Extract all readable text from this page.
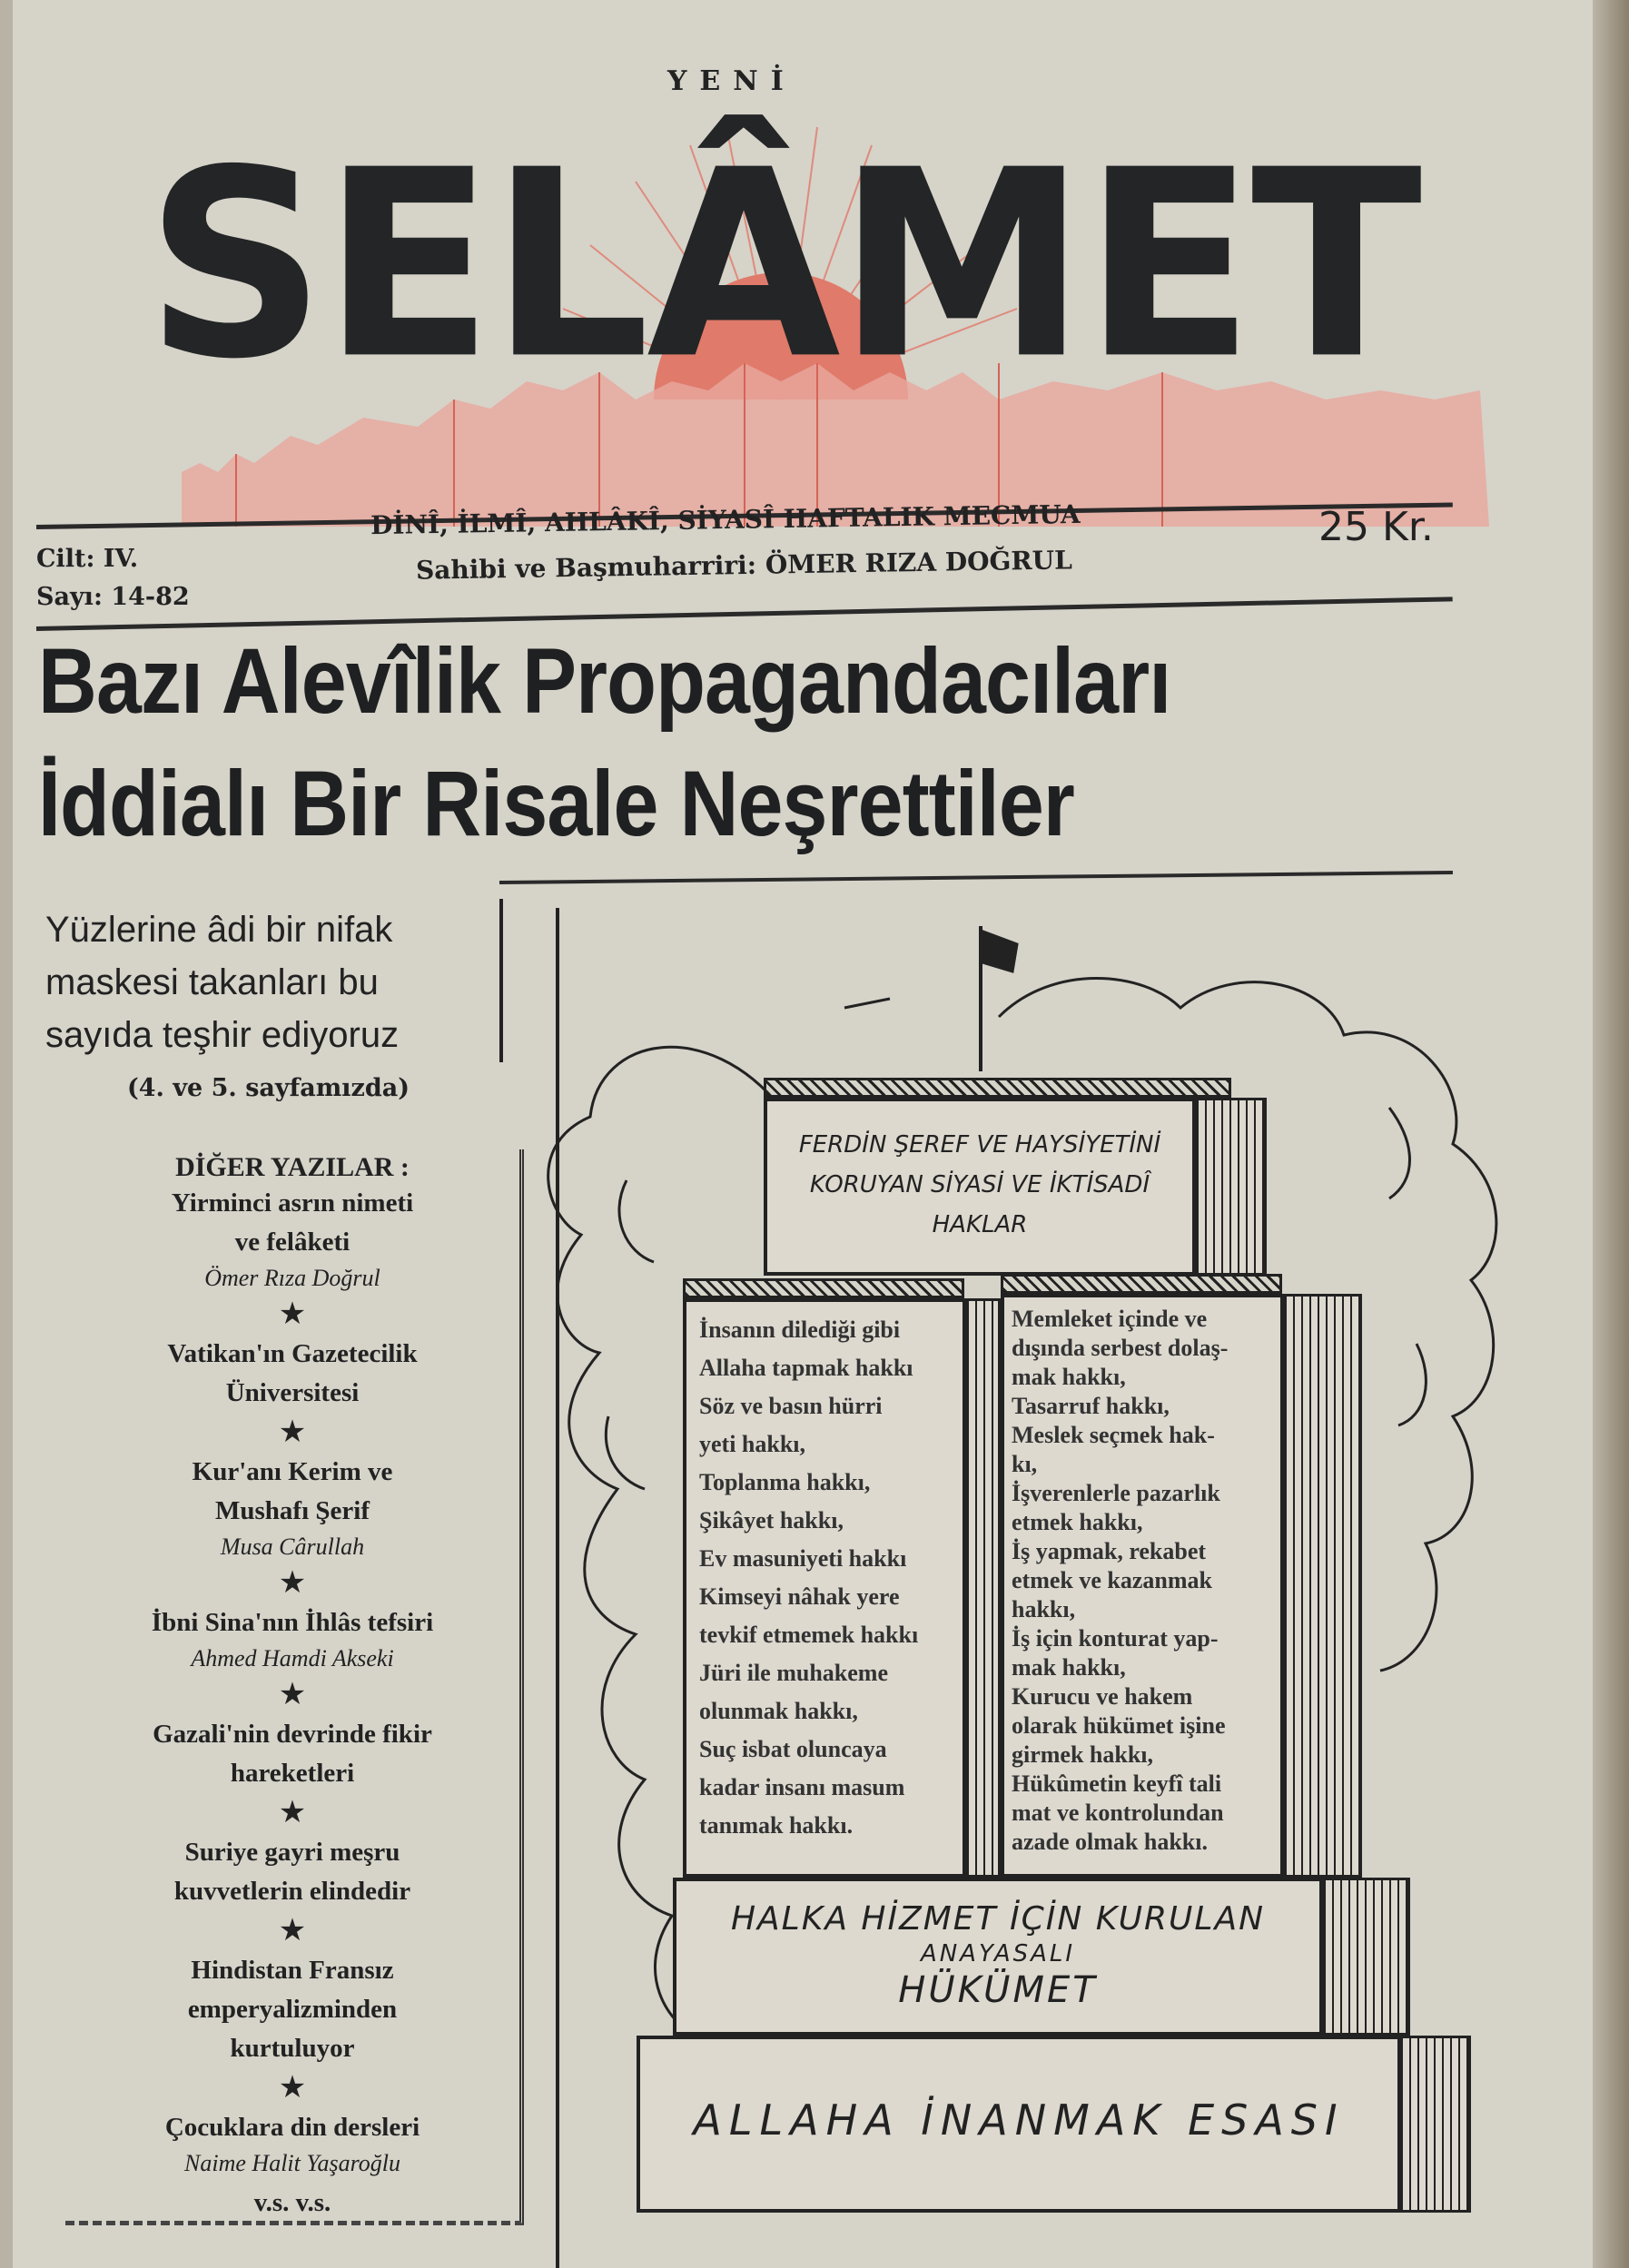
YENİ
SELÂMET
Cilt: IV.
Sayı: 14-82
DİNÎ, İLMÎ, AHLÂKÎ, SİYASÎ HAFTALIK MECMUA
Sahibi ve Başmuharriri: ÖMER RIZA DOĞRUL
25 Kr.
Bazı Alevîlik Propagandacıları
İddialı Bir Risale Neşrettiler
Yüzlerine âdi bir nifak
maskesi takanları bu
sayıda teşhir ediyoruz
(4. ve 5. sayfamızda)
DİĞER YAZILAR :
Yirminci asrın nimeti
ve felâketi
Ömer Rıza Doğrul
★
Vatikan'ın Gazetecilik
Üniversitesi
★
Kur'anı Kerim ve
Mushafı Şerif
Musa Cârullah
★
İbni Sina'nın İhlâs tefsiri
Ahmed Hamdi Akseki
★
Gazali'nin devrinde fikir
hareketleri
★
Suriye gayri meşru
kuvvetlerin elindedir
★
Hindistan Fransız
emperyalizminden
kurtuluyor
★
Çocuklara din dersleri
Naime Halit Yaşaroğlu
v.s. v.s.
FERDİN ŞEREF VE HAYSİYETİNİ
KORUYAN SİYASİ VE İKTİSADÎ
HAKLAR
İnsanın dilediği gibi
Allaha tapmak hakkı
Söz ve basın hürri
yeti hakkı,
Toplanma hakkı,
Şikâyet hakkı,
Ev masuniyeti hakkı
Kimseyi nâhak yere
tevkif etmemek hakkı
Jüri ile muhakeme
olunmak hakkı,
Suç isbat oluncaya
kadar insanı masum
tanımak hakkı.
Memleket içinde ve
dışında serbest dolaş-
mak hakkı,
Tasarruf hakkı,
Meslek seçmek hak-
kı,
İşverenlerle pazarlık
etmek hakkı,
İş yapmak, rekabet
etmek ve kazanmak
hakkı,
İş için konturat yap-
mak hakkı,
Kurucu ve hakem
olarak hükümet işine
girmek hakkı,
Hükûmetin keyfî tali
mat ve kontrolundan
azade olmak hakkı.
HALKA HİZMET İÇİN KURULAN
ANAYASALI
HÜKÜMET
ALLAHA İNANMAK ESASI
